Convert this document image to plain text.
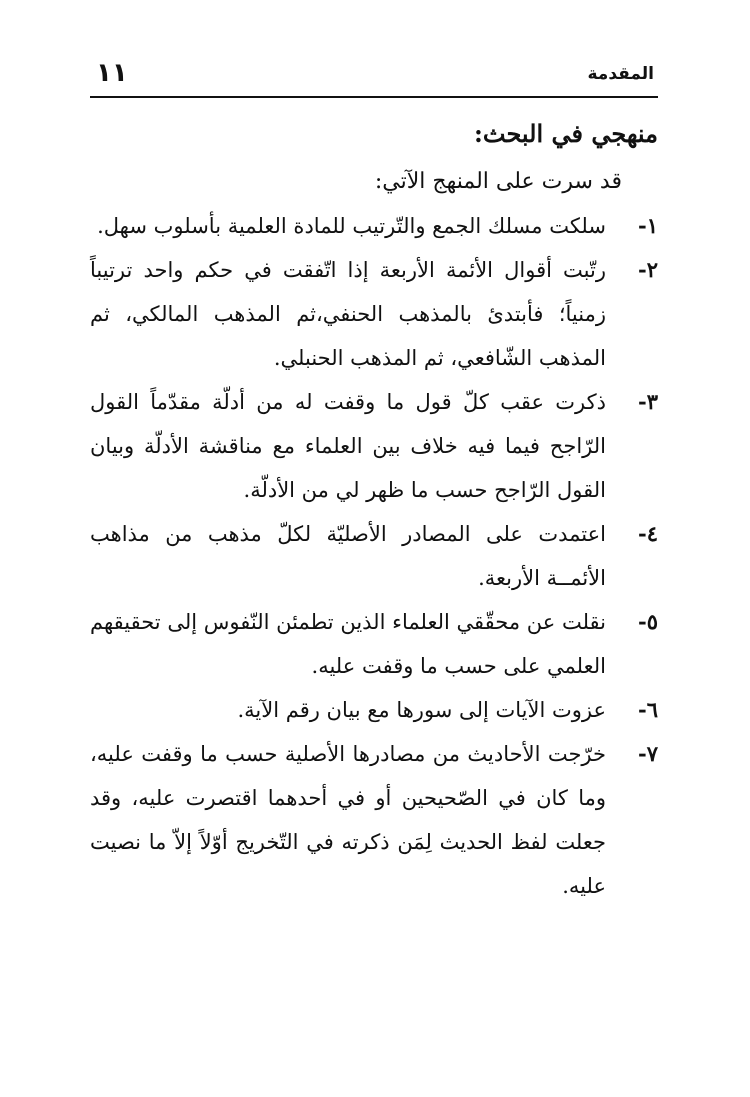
المقدمة
١١

منهجي في البحث:

قد سرت على المنهج الآتي:

١-
سلكت مسلك الجمع والتّرتيب للمادة العلمية بأسلوب سهل.
٢-
رتّبت أقوال الأئمة الأربعة إذا اتّفقت في حكم واحد ترتيباً زمنياً؛ فأبتدئ بالمذهب الحنفي،ثم المذهب المالكي، ثم المذهب الشّافعي، ثم المذهب الحنبلي.
٣-
ذكرت عقب كلّ قول ما وقفت له من أدلّة مقدّماً القول الرّاجح فيما فيه خلاف بين العلماء مع مناقشة الأدلّة وبيان القول الرّاجح حسب ما ظهر لي من الأدلّة.
٤-
اعتمدت على المصادر الأصليّة لكلّ مذهب من مذاهب الأئمــة الأربعة.
٥-
نقلت عن محقّقي العلماء الذين تطمئن النّفوس إلى تحقيقهم العلمي على حسب ما وقفت عليه.
٦-
عزوت الآيات إلى سورها مع بيان رقم الآية.
٧-
خرّجت الأحاديث من مصادرها الأصلية حسب ما وقفت عليه، وما كان في الصّحيحين أو في أحدهما اقتصرت عليه، وقد جعلت لفظ الحديث لِمَن ذكرته في التّخريج أوّلاً إلاّ ما نصيت عليه.
